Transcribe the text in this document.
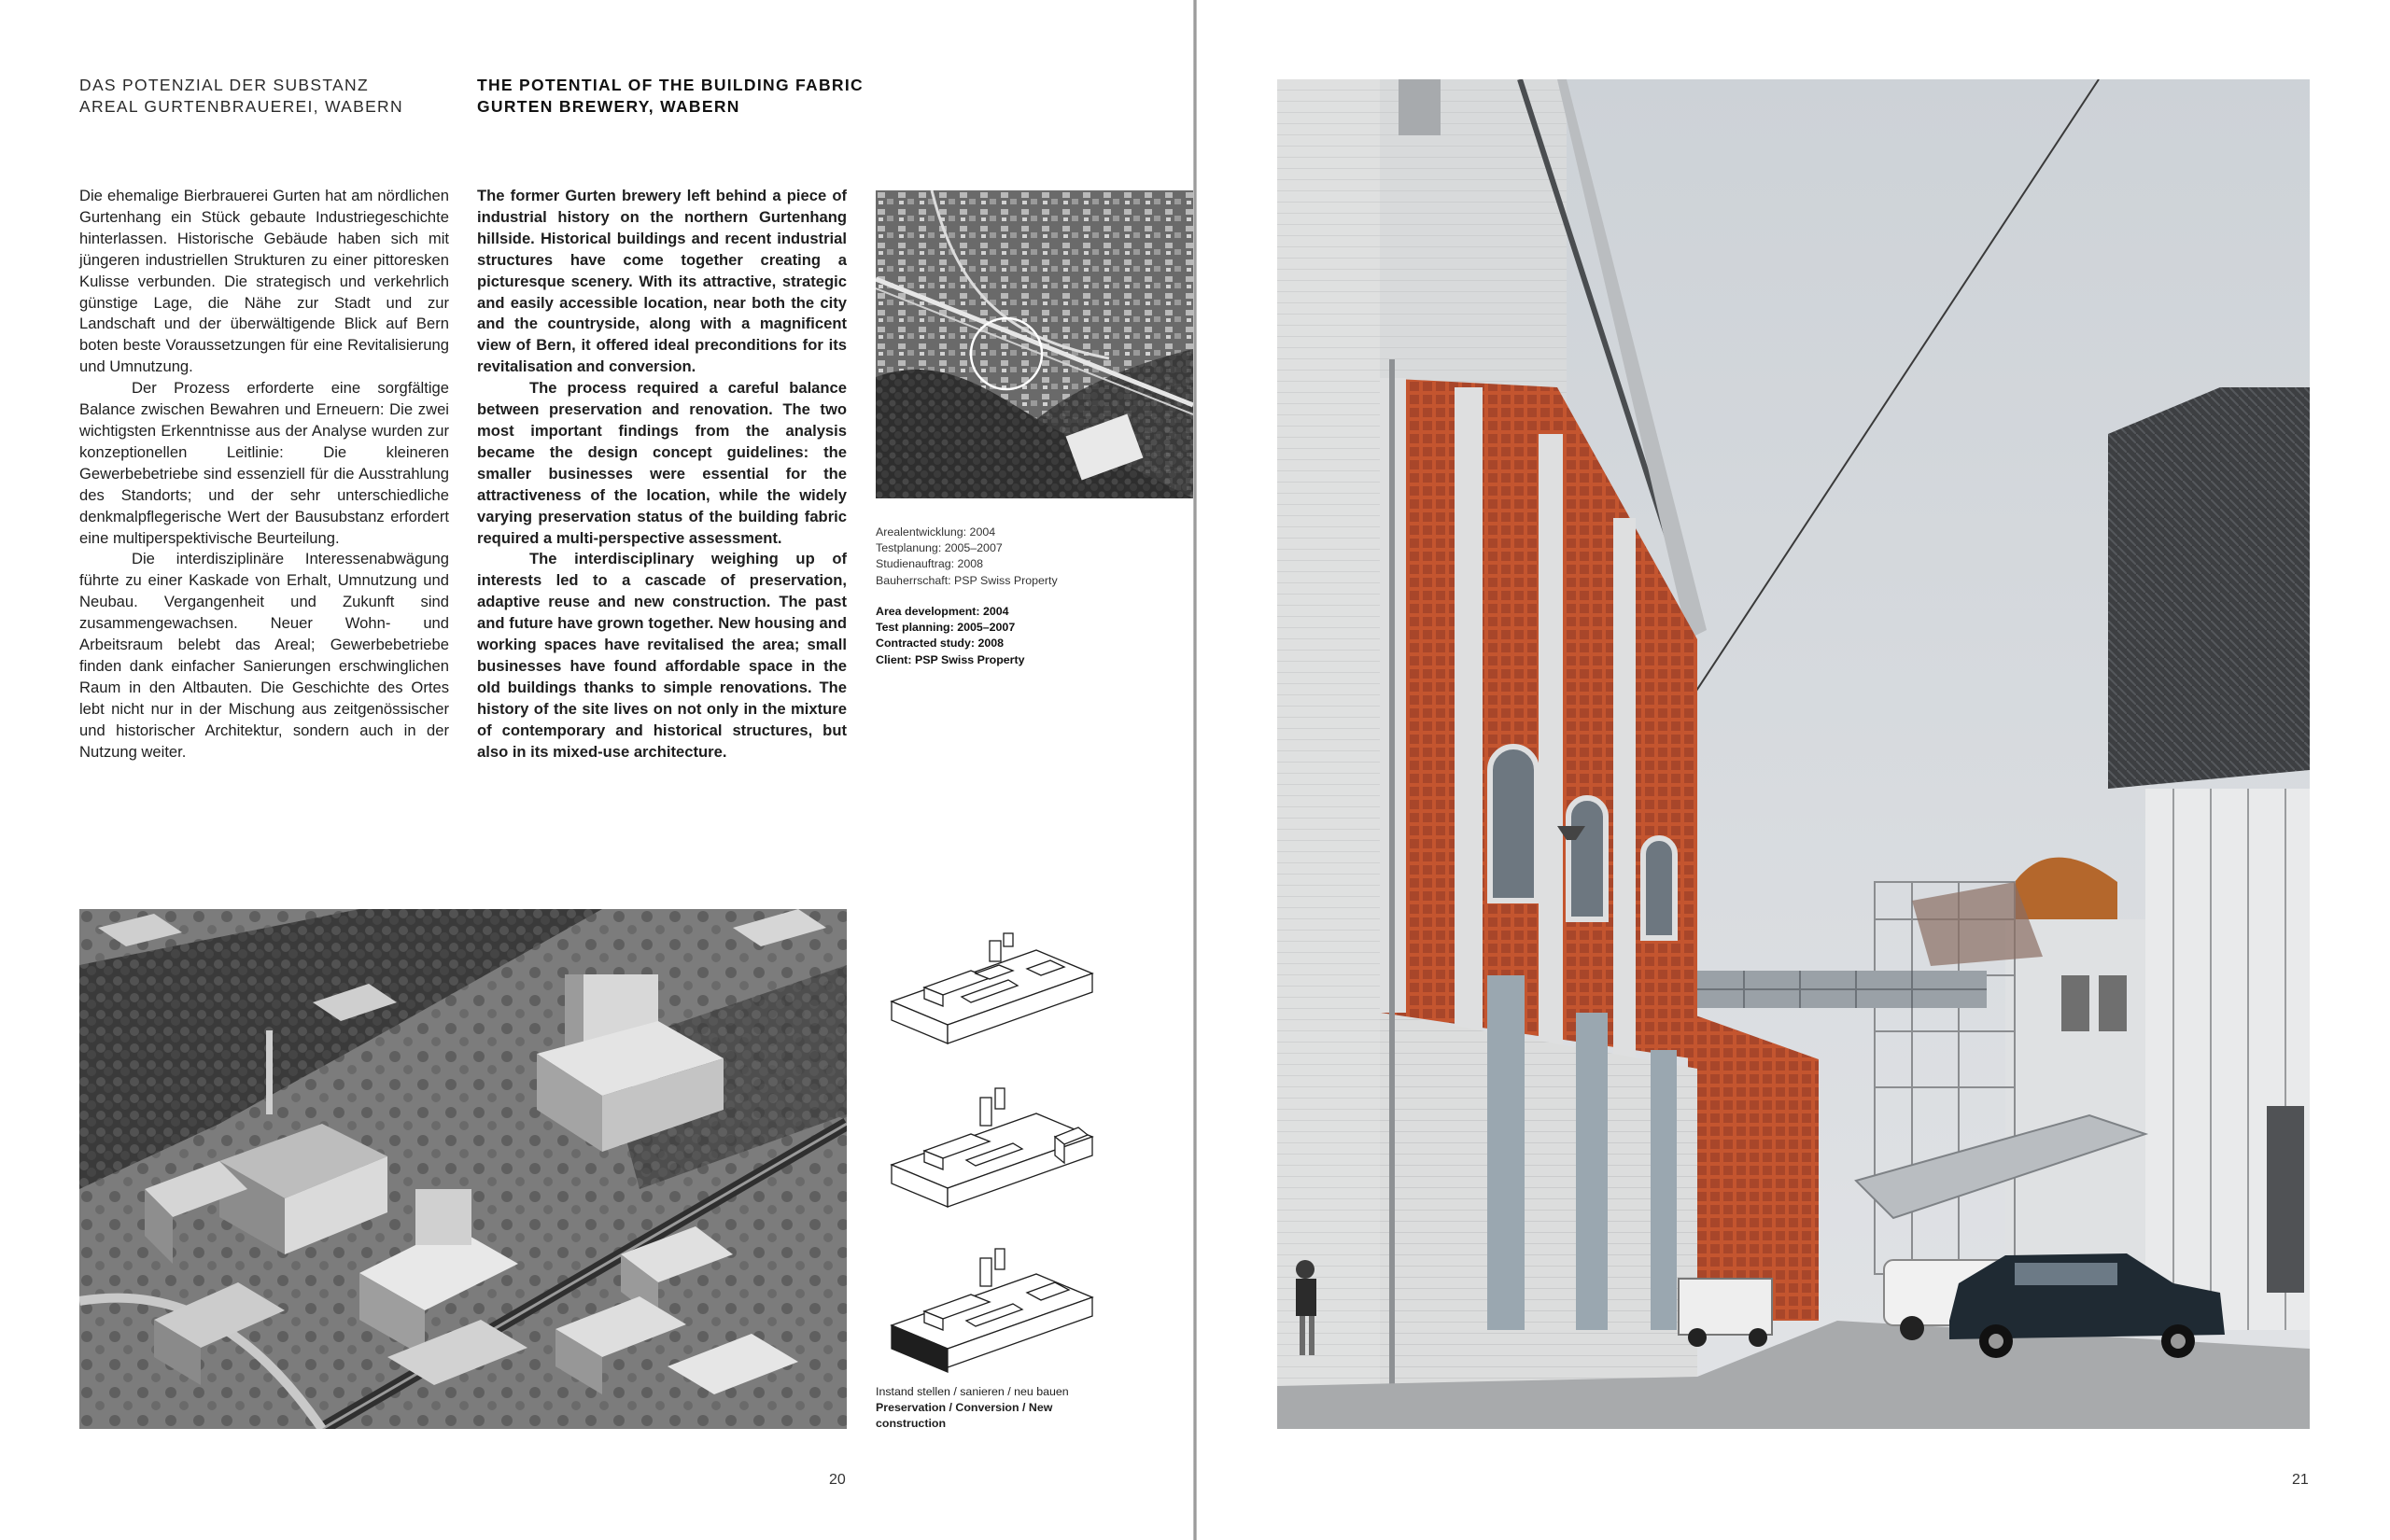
DAS POTENZIAL DER SUBSTANZ
AREAL GURTENBRAUEREI, WABERN
THE POTENTIAL OF THE BUILDING FABRIC
GURTEN BREWERY, WABERN

Die ehemalige Bierbrauerei Gurten hat am nördlichen Gurtenhang ein Stück gebaute Industriegeschichte hinterlassen. Historische Gebäude haben sich mit jüngeren industriellen Strukturen zu einer pittoresken Kulisse verbunden. Die strategisch und verkehrlich günstige Lage, die Nähe zur Stadt und zur Landschaft und der überwältigende Blick auf Bern boten beste Voraussetzungen für eine Revitalisierung und Umnutzung.

Der Prozess erforderte eine sorgfältige Balance zwischen Bewahren und Erneuern: Die zwei wichtigsten Erkenntnisse aus der Analyse wurden zur konzeptionellen Leitlinie: Die kleineren Gewerbebetriebe sind essenziell für die Ausstrahlung des Standorts; und der sehr unterschiedliche denkmalpflegerische Wert der Bausubstanz erfordert eine multiperspektivische Beurteilung.

Die interdisziplinäre Interessenabwägung führte zu einer Kaskade von Erhalt, Umnutzung und Neubau. Vergangenheit und Zukunft sind zusammengewachsen. Neuer Wohn- und Arbeitsraum belebt das Areal; Gewerbebetriebe finden dank einfacher Sanierungen erschwinglichen Raum in den Altbauten. Die Geschichte des Ortes lebt nicht nur in der Mischung aus zeitgenössischer und historischer Architektur, sondern auch in der Nutzung weiter.

The former Gurten brewery left behind a piece of industrial history on the northern Gurtenhang hillside. Historical buildings and recent industrial structures have come together creating a picturesque scenery. With its attractive, strategic and easily accessible location, near both the city and the countryside, along with a magnificent view of Bern, it offered ideal preconditions for its revitalisation and conversion.

The process required a careful balance between preservation and renovation. The two most important findings from the analysis became the design concept guidelines: the smaller businesses were essential for the attractiveness of the location, while the widely varying preservation status of the building fabric required a multi-perspective assessment.

The interdisciplinary weighing up of interests led to a cascade of preservation, adaptive reuse and new construction. The past and future have grown together. New housing and working spaces have revitalised the area; small businesses have found affordable space in the old buildings thanks to simple renovations. The history of the site lives on not only in the mixture of contemporary and historical structures, but also in its mixed-use architecture.

Arealentwicklung: 2004
Testplanung: 2005–2007
Studienauftrag: 2008
Bauherrschaft: PSP Swiss Property
Area development: 2004
Test planning: 2005–2007
Contracted study: 2008
Client: PSP Swiss Property
Instand stellen / sanieren / neu bauen
Preservation / Conversion / New construction
20	21
